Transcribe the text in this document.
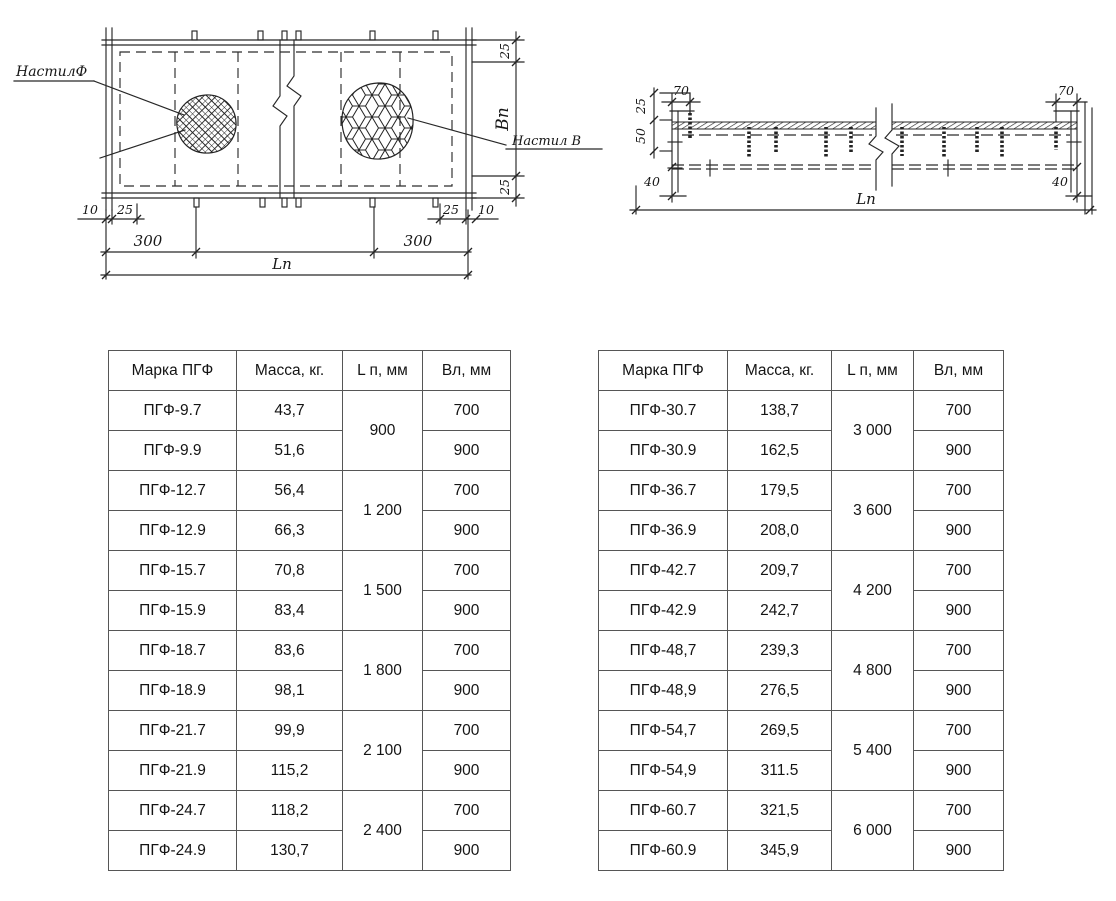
НастилФ
Настил В
25
Вп
25
10 25	25 10
300	300
Lп
70	70
25
50
40	40
Lп
Марка ПГФ	Масса, кг.	L п, мм	Вл, мм
ПГФ-9.7	43,7	900	700
ПГФ-9.9	51,6		900
ПГФ-12.7	56,4	1 200	700
ПГФ-12.9	66,3		900
ПГФ-15.7	70,8	1 500	700
ПГФ-15.9	83,4		900
ПГФ-18.7	83,6	1 800	700
ПГФ-18.9	98,1		900
ПГФ-21.7	99,9	2 100	700
ПГФ-21.9	115,2		900
ПГФ-24.7	118,2	2 400	700
ПГФ-24.9	130,7		900
Марка ПГФ	Масса, кг.	L п, мм	Вл, мм
ПГФ-30.7	138,7	3 000	700
ПГФ-30.9	162,5		900
ПГФ-36.7	179,5	3 600	700
ПГФ-36.9	208,0		900
ПГФ-42.7	209,7	4 200	700
ПГФ-42.9	242,7		900
ПГФ-48,7	239,3	4 800	700
ПГФ-48,9	276,5		900
ПГФ-54,7	269,5	5 400	700
ПГФ-54,9	311.5		900
ПГФ-60.7	321,5	6 000	700
ПГФ-60.9	345,9		900
